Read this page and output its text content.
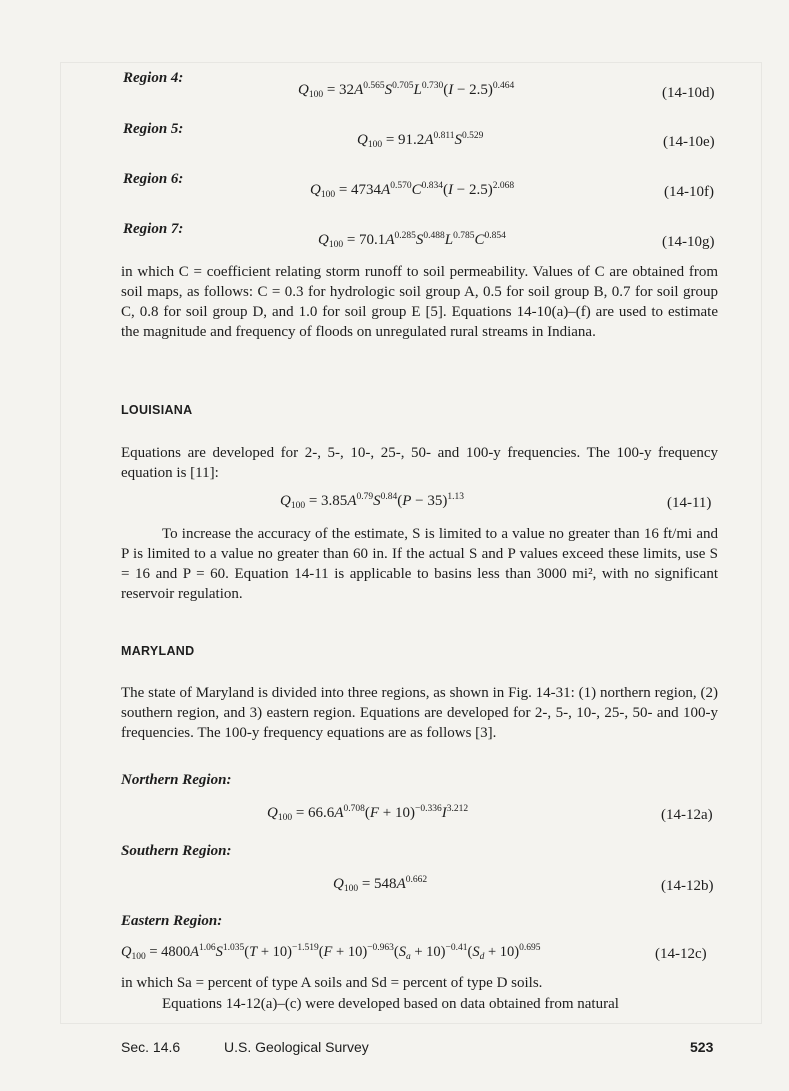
Region 4:
$Q_{100} = 32A^{0.565}S^{0.705}L^{0.730}(I - 2.5)^{0.464}$	(14-10d)
Region 5:
$Q_{100} = 91.2A^{0.811}S^{0.529}$	(14-10e)
Region 6:
$Q_{100} = 4734A^{0.570}C^{0.834}(I - 2.5)^{2.068}$	(14-10f)
Region 7:
$Q_{100} = 70.1A^{0.285}S^{0.488}L^{0.785}C^{0.854}$	(14-10g)
in which C = coefficient relating storm runoff to soil permeability. Values of C are obtained from soil maps, as follows: C = 0.3 for hydrologic soil group A, 0.5 for soil group B, 0.7 for soil group C, 0.8 for soil group D, and 1.0 for soil group E [5]. Equations 14-10(a)–(f) are used to estimate the magnitude and frequency of floods on unregulated rural streams in Indiana.
LOUISIANA
Equations are developed for 2-, 5-, 10-, 25-, 50- and 100-y frequencies. The 100-y frequency equation is [11]:
$Q_{100} = 3.85A^{0.79}S^{0.84}(P - 35)^{1.13}$	(14-11)
To increase the accuracy of the estimate, S is limited to a value no greater than 16 ft/mi and P is limited to a value no greater than 60 in. If the actual S and P values exceed these limits, use S = 16 and P = 60. Equation 14-11 is applicable to basins less than 3000 mi², with no significant reservoir regulation.
MARYLAND
The state of Maryland is divided into three regions, as shown in Fig. 14-31: (1) northern region, (2) southern region, and 3) eastern region. Equations are developed for 2-, 5-, 10-, 25-, 50- and 100-y frequencies. The 100-y frequency equations are as follows [3].
Northern Region:
$Q_{100} = 66.6A^{0.708}(F + 10)^{-0.336}I^{3.212}$	(14-12a)
Southern Region:
$Q_{100} = 548A^{0.662}$	(14-12b)
Eastern Region:
$Q_{100} = 4800A^{1.06}S^{1.035}(T + 10)^{-1.519}(F + 10)^{-0.963}(S_a + 10)^{-0.41}(S_d + 10)^{0.695}$	(14-12c)
in which Sa = percent of type A soils and Sd = percent of type D soils.
Equations 14-12(a)–(c) were developed based on data obtained from natural
Sec. 14.6	U.S. Geological Survey	523
